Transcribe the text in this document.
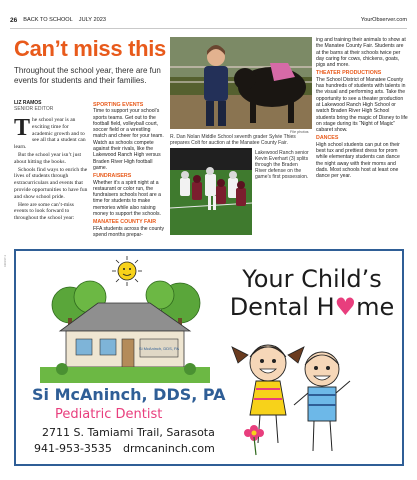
26 BACK TO SCHOOL JULY 2023	YourObserver.com
Can’t miss this
Throughout the school year, there are fun events for students and their families.
LIZ RAMOS
SENIOR EDITOR

The school year is an exciting time for academic growth and to see all that a student can learn.

But the school year isn’t just about hitting the books.

Schools find ways to enrich the lives of students through extracurriculars and events that provide opportunities to have fun and show school pride.

Here are some can’t-miss events to look forward to throughout the school year:

SPORTING EVENTS

Time to support your school’s sports teams. Get out to the football field, volleyball court, soccer field or a wrestling match and cheer for your team. Watch as schools compete against their rivals, like the Lakewood Ranch High versus Braden River High football game.

FUNDRAISERS

Whether it’s a spirit night at a restaurant or color run, the fundraisers schools host are a time for students to make memories while also raising money to support the schools.

MANATEE COUNTY FAIR

FFA students across the county spend months prepar-

File photos
R. Dan Nolan Middle School seventh grader Sylvie Thies prepares Colt for auction at the Manatee County Fair.
Lakewood Ranch senior Kevin Everhart (3) splits through the Braden River defense on the game’s first possession.

ing and training their animals to show at the Manatee County Fair. Students are at the barns at their schools twice per day caring for cows, chickens, goats, pigs and more.

THEATER PRODUCTIONS

The School District of Manatee County has hundreds of students with talents in the visual and performing arts. Take the opportunity to see a theater production at Lakewood Ranch High School or watch Braden River High School students bring the magic of Disney to life on stage during its “Night of Magic” cabaret show.

DANCES

High school students can put on their best tux and prettiest dress for prom while elementary students can dance the night away with their moms and dads. Most schools host at least one dance per year.

626317-1
Si McAninch, DDS, PA
Your Child’s
Dental H♥me
Si McAninch, DDS, PA
Pediatric Dentist
2711 S. Tamiami Trail, Sarasota
941-953-3535 drmcaninch.com
